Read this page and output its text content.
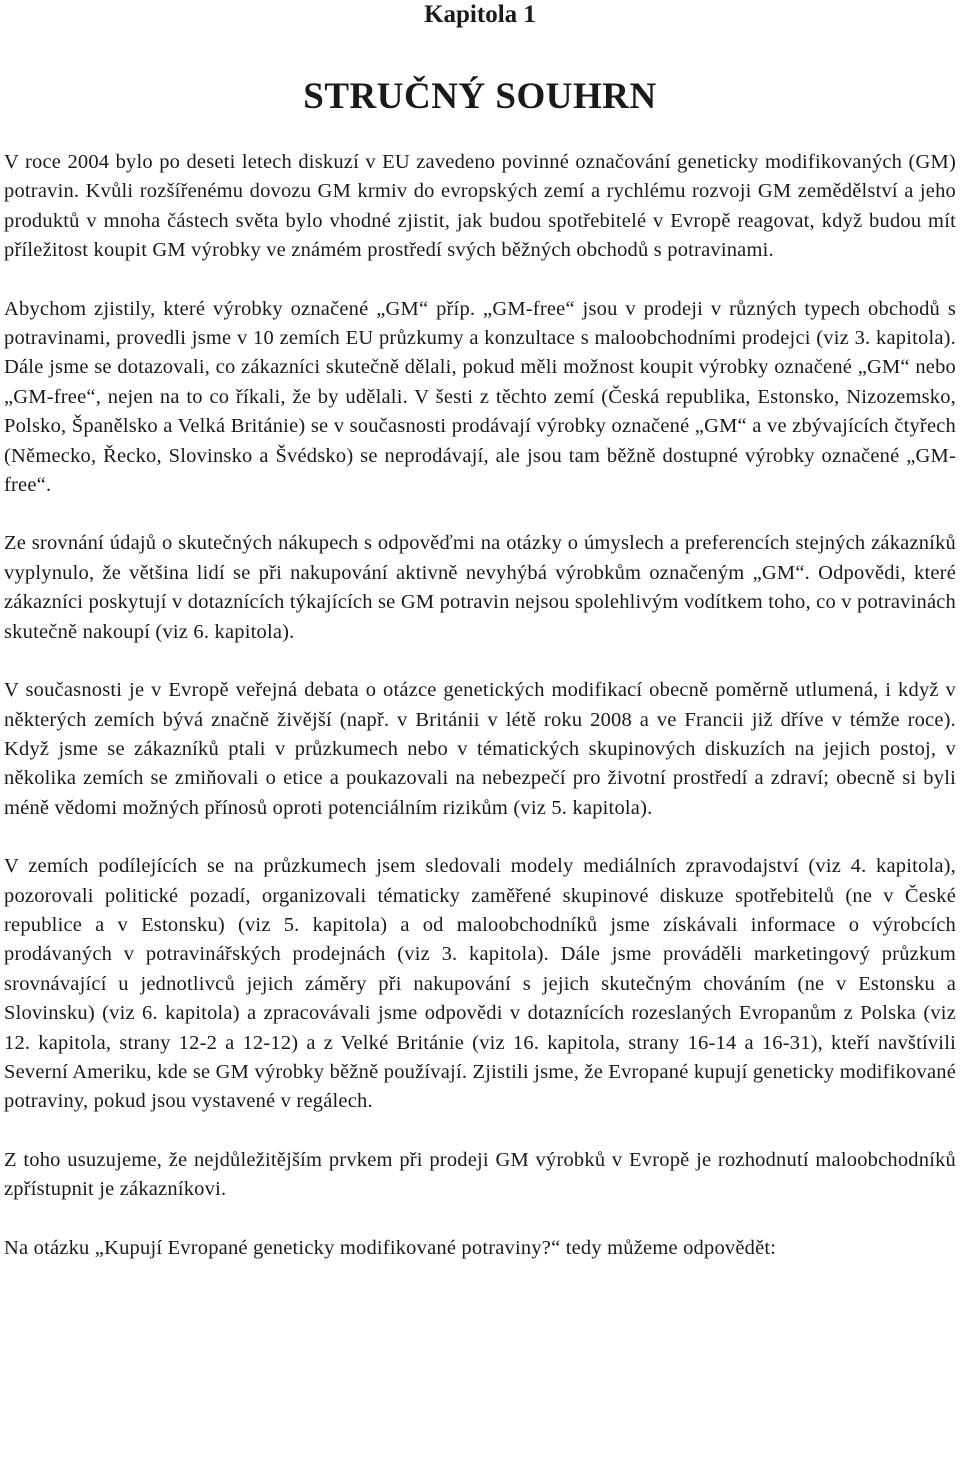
Kapitola 1
STRUČNÝ SOUHRN

V roce 2004 bylo po deseti letech diskuzí v EU zavedeno povinné označování geneticky modifikovaných (GM) potravin. Kvůli rozšířenému dovozu GM krmiv do evropských zemí a rychlému rozvoji GM zemědělství a jeho produktů v mnoha částech světa bylo vhodné zjistit, jak budou spotřebitelé v Evropě reagovat, když budou mít příležitost koupit GM výrobky ve známém prostředí svých běžných obchodů s potravinami.

Abychom zjistily, které výrobky označené „GM“ příp. „GM-free“ jsou v prodeji v různých typech obchodů s potravinami, provedli jsme v 10 zemích EU průzkumy a konzultace s maloobchodními prodejci (viz 3. kapitola). Dále jsme se dotazovali, co zákazníci skutečně dělali, pokud měli možnost koupit výrobky označené „GM“ nebo „GM-free“, nejen na to co říkali, že by udělali. V šesti z těchto zemí (Česká republika, Estonsko, Nizozemsko, Polsko, Španělsko a Velká Británie) se v současnosti prodávají výrobky označené „GM“ a ve zbývajících čtyřech (Německo, Řecko, Slovinsko a Švédsko) se neprodávají, ale jsou tam běžně dostupné výrobky označené „GM-free“.

Ze srovnání údajů o skutečných nákupech s odpověďmi na otázky o úmyslech a preferencích stejných zákazníků vyplynulo, že většina lidí se při nakupování aktivně nevyhýbá výrobkům označeným „GM“. Odpovědi, které zákazníci poskytují v dotaznících týkajících se GM potravin nejsou spolehlivým vodítkem toho, co v potravinách skutečně nakoupí (viz 6. kapitola).

V současnosti je v Evropě veřejná debata o otázce genetických modifikací obecně poměrně utlumená, i když v některých zemích bývá značně živější (např. v Británii v létě roku 2008 a ve Francii již dříve v témže roce). Když jsme se zákazníků ptali v průzkumech nebo v tématických skupinových diskuzích na jejich postoj, v několika zemích se zmiňovali o etice a poukazovali na nebezpečí pro životní prostředí a zdraví; obecně si byli méně vědomi možných přínosů oproti potenciálním rizikům (viz 5. kapitola).

V zemích podílejících se na průzkumech jsem sledovali modely mediálních zpravodajství (viz 4. kapitola), pozorovali politické pozadí, organizovali tématicky zaměřené skupinové diskuze spotřebitelů (ne v České republice a v Estonsku) (viz 5. kapitola) a od maloobchodníků jsme získávali informace o výrobcích prodávaných v potravinářských prodejnách (viz 3. kapitola). Dále jsme prováděli marketingový průzkum srovnávající u jednotlivců jejich záměry při nakupování s jejich skutečným chováním (ne v Estonsku a Slovinsku) (viz 6. kapitola) a zpracovávali jsme odpovědi v dotaznících rozeslaných Evropanům z Polska (viz 12. kapitola, strany 12-2 a 12-12) a z Velké Británie (viz 16. kapitola, strany 16-14 a 16-31), kteří navštívili Severní Ameriku, kde se GM výrobky běžně používají. Zjistili jsme, že Evropané kupují geneticky modifikované potraviny, pokud jsou vystavené v regálech.

Z toho usuzujeme, že nejdůležitějším prvkem při prodeji GM výrobků v Evropě je rozhodnutí maloobchodníků zpřístupnit je zákazníkovi.

Na otázku „Kupují Evropané geneticky modifikované potraviny?“ tedy můžeme odpovědět:
